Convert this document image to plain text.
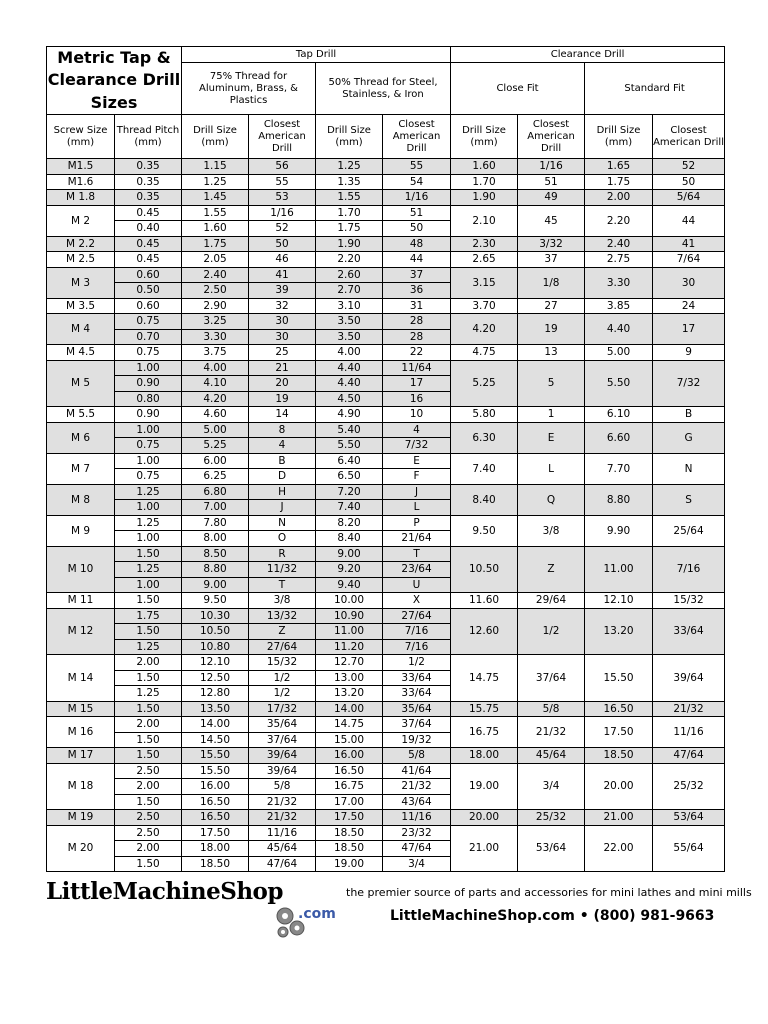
Metric Tap & Clearance Drill Sizes		Tap Drill				Clearance Drill			
		75% Thread for Aluminum, Brass, & Plastics		50% Thread for Steel, Stainless, & Iron		Close Fit		Standard Fit	

Screw Size (mm)	Thread Pitch (mm)	Drill Size (mm)	Closest American Drill	Drill Size (mm)	Closest American Drill	Drill Size (mm)	Closest American Drill	Drill Size (mm)	Closest American Drill
M1.5	0.35	1.15	56	1.25	55	1.60	1/16	1.65	52
M1.6	0.35	1.25	55	1.35	54	1.70	51	1.75	50
M 1.8	0.35	1.45	53	1.55	1/16	1.90	49	2.00	5/64
M 2	0.45	1.55	1/16	1.70	51	2.10	45	2.20	44
	0.40	1.60	52	1.75	50				
M 2.2	0.45	1.75	50	1.90	48	2.30	3/32	2.40	41
M 2.5	0.45	2.05	46	2.20	44	2.65	37	2.75	7/64
M 3	0.60	2.40	41	2.60	37	3.15	1/8	3.30	30
	0.50	2.50	39	2.70	36				
M 3.5	0.60	2.90	32	3.10	31	3.70	27	3.85	24
M 4	0.75	3.25	30	3.50	28	4.20	19	4.40	17
	0.70	3.30	30	3.50	28				
M 4.5	0.75	3.75	25	4.00	22	4.75	13	5.00	9
M 5	1.00	4.00	21	4.40	11/64	5.25	5	5.50	7/32
	0.90	4.10	20	4.40	17				
	0.80	4.20	19	4.50	16				
M 5.5	0.90	4.60	14	4.90	10	5.80	1	6.10	B
M 6	1.00	5.00	8	5.40	4	6.30	E	6.60	G
	0.75	5.25	4	5.50	7/32				
M 7	1.00	6.00	B	6.40	E	7.40	L	7.70	N
	0.75	6.25	D	6.50	F				
M 8	1.25	6.80	H	7.20	J	8.40	Q	8.80	S
	1.00	7.00	J	7.40	L				
M 9	1.25	7.80	N	8.20	P	9.50	3/8	9.90	25/64
	1.00	8.00	O	8.40	21/64				
M 10	1.50	8.50	R	9.00	T	10.50	Z	11.00	7/16
	1.25	8.80	11/32	9.20	23/64				
	1.00	9.00	T	9.40	U				
M 11	1.50	9.50	3/8	10.00	X	11.60	29/64	12.10	15/32
M 12	1.75	10.30	13/32	10.90	27/64	12.60	1/2	13.20	33/64
	1.50	10.50	Z	11.00	7/16				
	1.25	10.80	27/64	11.20	7/16				
M 14	2.00	12.10	15/32	12.70	1/2	14.75	37/64	15.50	39/64
	1.50	12.50	1/2	13.00	33/64				
	1.25	12.80	1/2	13.20	33/64				
M 15	1.50	13.50	17/32	14.00	35/64	15.75	5/8	16.50	21/32
M 16	2.00	14.00	35/64	14.75	37/64	16.75	21/32	17.50	11/16
	1.50	14.50	37/64	15.00	19/32				
M 17	1.50	15.50	39/64	16.00	5/8	18.00	45/64	18.50	47/64
M 18	2.50	15.50	39/64	16.50	41/64	19.00	3/4	20.00	25/32
	2.00	16.00	5/8	16.75	21/32				
	1.50	16.50	21/32	17.00	43/64				
M 19	2.50	16.50	21/32	17.50	11/16	20.00	25/32	21.00	53/64
M 20	2.50	17.50	11/16	18.50	23/32	21.00	53/64	22.00	55/64
	2.00	18.00	45/64	18.50	47/64				
	1.50	18.50	47/64	19.00	3/4				
LittleMachineShop
.com
the premier source of parts and accessories for mini lathes and mini mills
LittleMachineShop.com • (800) 981-9663
